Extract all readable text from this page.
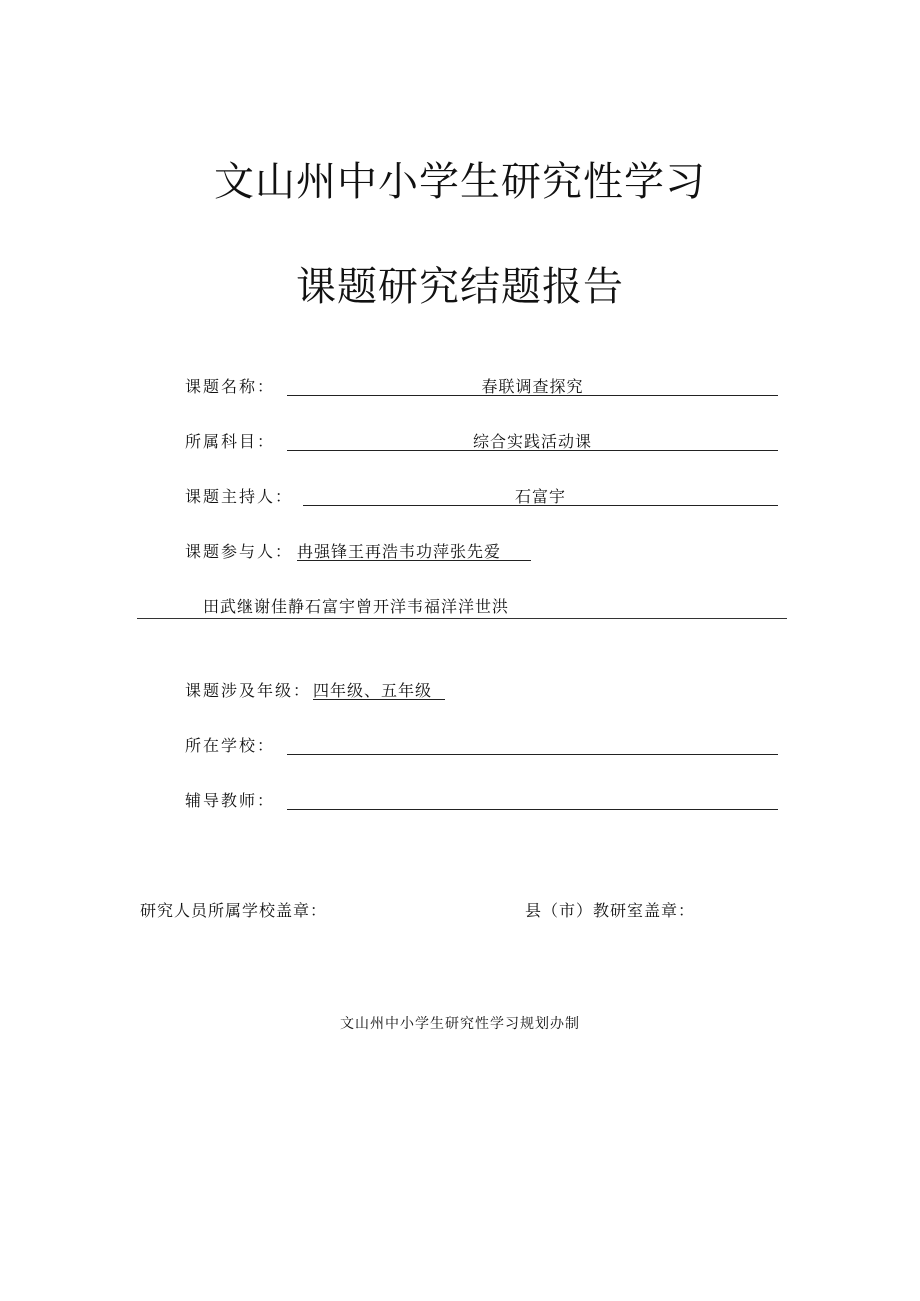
文山州中小学生研究性学习
课题研究结题报告
课题名称：	春联调查探究
所属科目：	综合实践活动课
课题主持人：	石富宇
课题参与人： 冉强锋王再浩韦功萍张先爱
田武继谢佳静石富宇曾开洋韦福洋洋世洪
课题涉及年级： 四年级、五年级
所在学校：
辅导教师：
研究人员所属学校盖章：	县（市）教研室盖章：
文山州中小学生研究性学习规划办制
